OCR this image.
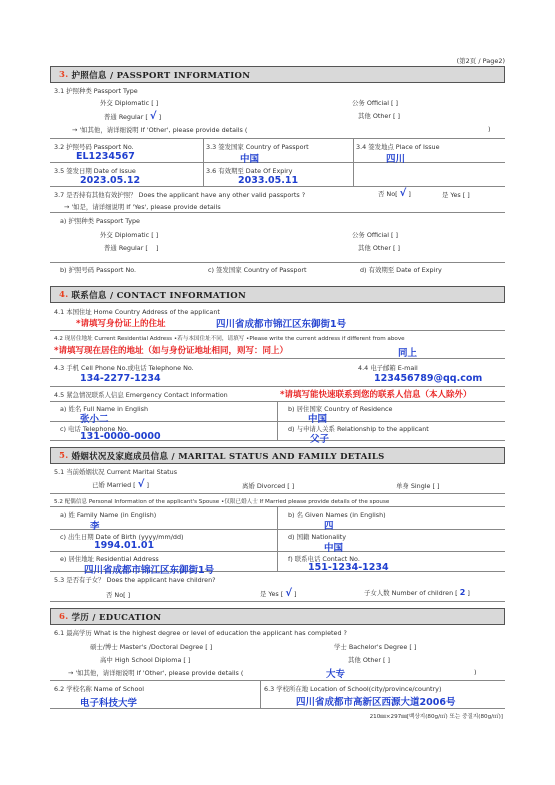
(第2页 / Page2)
3. 护照信息 / PASSPORT INFORMATION
3.1 护照种类 Passport Type
外交 Diplomatic [ ]	公务 Official [ ]
普通 Regular [ √ ]	其他 Other [ ]
→ '如其他，请详细说明 If 'Other', please provide details (	)
3.2 护照号码 Passport No.
EL1234567
3.3 签发国家 Country of Passport
中国
3.4 签发地点 Place of Issue
四川
3.5 签发日期 Date of Issue
2023.05.12
3.6 有效期至 Date Of Expiry
2033.05.11
3.7 是否持有其他有效护照？ Does the applicant have any other valid passports ?	否 No[ √ ]	是 Yes [ ]
→ '如是，请详细说明 If 'Yes', please provide details
a) 护照种类 Passport Type
外交 Diplomatic [ ]	公务 Official [ ]
普通 Regular [ ]	其他 Other [ ]
b) 护照号码 Passport No.	c) 签发国家 Country of Passport	d) 有效期至 Date of Expiry
4. 联系信息 / CONTACT INFORMATION
4.1 本国住址 Home Country Address of the applicant
*请填写身份证上的住址	四川省成都市锦江区东御街1号
4.2 现居住地址 Current Residential Address •若与本国住址不同，请填写 •Please write the current address if different from above
*请填写现在居住的地址（如与身份证地址相同，则写：同上）	同上
4.3 手机 Cell Phone No.或电话 Telephone No.
134-2277-1234
4.4 电子邮箱 E-mail
123456789@qq.com
4.5 紧急情况联系人信息 Emergency Contact Information	*请填写能快速联系到您的联系人信息（本人除外）
a) 姓名 Full Name in English
张小二
b) 居住国家 Country of Residence
中国
c) 电话 Telephone No.
131-0000-0000
d) 与申请人关系 Relationship to the applicant
父子
5. 婚姻状况及家庭成员信息 / MARITAL STATUS AND FAMILY DETAILS
5.1 当前婚姻状况 Current Marital Status
已婚 Married [ √ ]	离婚 Divorced [ ]	单身 Single [ ]
5.2 配偶信息 Personal Information of the applicant's Spouse •仅限已婚人士 If Married please provide details of the spouse
a) 姓 Family Name (in English)
李
b) 名 Given Names (in English)
四
c) 出生日期 Date of Birth (yyyy/mm/dd)
1994.01.01
d) 国籍 Nationality
中国
e) 居住地址 Residential Address
四川省成都市锦江区东御街1号
f) 联系电话 Contact No.
151-1234-1234
5.3 是否有子女？ Does the applicant have children?
否 No[ ]	是 Yes [ √ ]	子女人数 Number of children [ 2 ]
6. 学历 / EDUCATION
6.1 最高学历 What is the highest degree or level of education the applicant has completed ?
硕士/博士 Master's /Doctoral Degree [ ]	学士 Bachelor's Degree [ ]
高中 High School Diploma [ ]	其他 Other [ ]
→ '如其他，请详细说明 If 'Other', please provide details (	大专	)
6.2 学校名称 Name of School
电子科技大学
6.3 学校所在地 Location of School(city/province/country)
四川省成都市高新区西源大道2006号
210㎜×297㎜[백상지(80g/㎡) 또는 중질지(80g/㎡)]
